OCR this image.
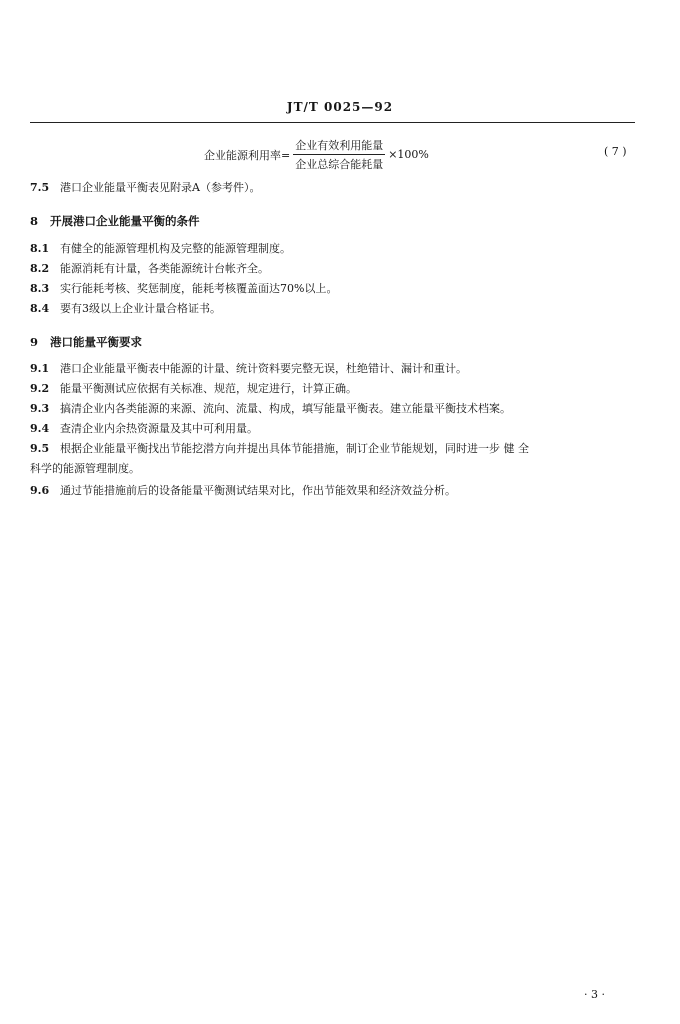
JT/T 0025—92
企业能源利用率= $\frac{\text{企业有效利用能量}}{\text{企业总综合能耗量}} \times 100\%$	( 7 )
7.5 港口企业能量平衡表见附录A（参考件）。
8 开展港口企业能量平衡的条件
8.1 有健全的能源管理机构及完整的能源管理制度。
8.2 能源消耗有计量，各类能源统计台帐齐全。
8.3 实行能耗考核、奖惩制度，能耗考核覆盖面达70%以上。
8.4 要有3级以上企业计量合格证书。
9 港口能量平衡要求
9.1 港口企业能量平衡表中能源的计量、统计资料要完整无误，杜绝错计、漏计和重计。
9.2 能量平衡测试应依据有关标准、规范，规定进行，计算正确。
9.3 搞清企业内各类能源的来源、流向、流量、构成，填写能量平衡表。建立能量平衡技术档案。
9.4 查清企业内余热资源量及其中可利用量。
9.5 根据企业能量平衡找出节能挖潜方向并提出具体节能措施，制订企业节能规划，同时进一步 健 全
科学的能源管理制度。
9.6 通过节能措施前后的设备能量平衡测试结果对比，作出节能效果和经济效益分析。
· 3 ·
